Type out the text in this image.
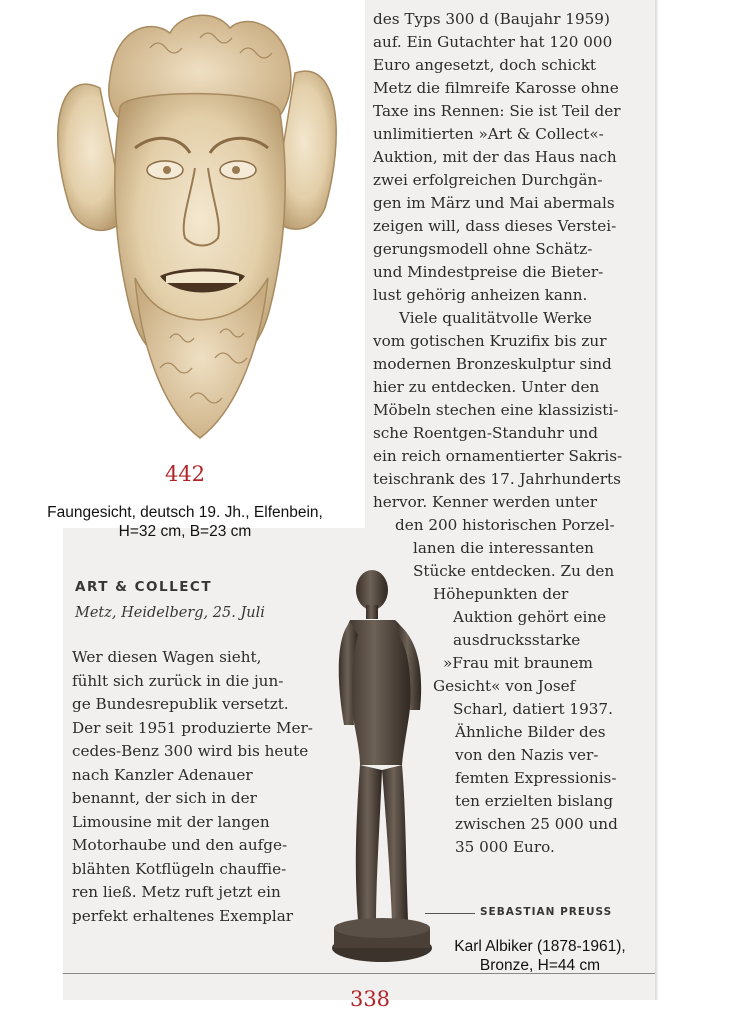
442
Faungesicht, deutsch 19. Jh., Elfenbein,
H=32 cm, B=23 cm
des Typs 300 d (Baujahr 1959)
auf. Ein Gutachter hat 120 000
Euro angesetzt, doch schickt
Metz die filmreife Karosse ohne
Taxe ins Rennen: Sie ist Teil der
unlimitierten »Art & Collect«-
Auktion, mit der das Haus nach
zwei erfolgreichen Durchgän-
gen im März und Mai abermals
zeigen will, dass dieses Verstei-
gerungsmodell ohne Schätz-
und Mindestpreise die Bieter-
lust gehörig anheizen kann.
Viele qualitätvolle Werke
vom gotischen Kruzifix bis zur
modernen Bronzeskulptur sind
hier zu entdecken. Unter den
Möbeln stechen eine klassizisti-
sche Roentgen-Standuhr und
ein reich ornamentierter Sakris-
teischrank des 17. Jahrhunderts
hervor. Kenner werden unter
den 200 historischen Porzel-
lanen die interessanten
Stücke entdecken. Zu den
Höhepunkten der
Auktion gehört eine
ausdrucksstarke
»Frau mit braunem
Gesicht« von Josef
Scharl, datiert 1937.
Ähnliche Bilder des
von den Nazis ver-
femten Expressionis-
ten erzielten bislang
zwischen 25 000 und
35 000 Euro.
ART & COLLECT
Metz, Heidelberg, 25. Juli
Wer diesen Wagen sieht,
fühlt sich zurück in die jun-
ge Bundesrepublik versetzt.
Der seit 1951 produzierte Mer-
cedes-Benz 300 wird bis heute
nach Kanzler Adenauer
benannt, der sich in der
Limousine mit der langen
Motorhaube und den aufge-
blähten Kotflügeln chauffie-
ren ließ. Metz ruft jetzt ein
perfekt erhaltenes Exemplar	SEBASTIAN PREUSS
Karl Albiker (1878-1961),
Bronze, H=44 cm
338
